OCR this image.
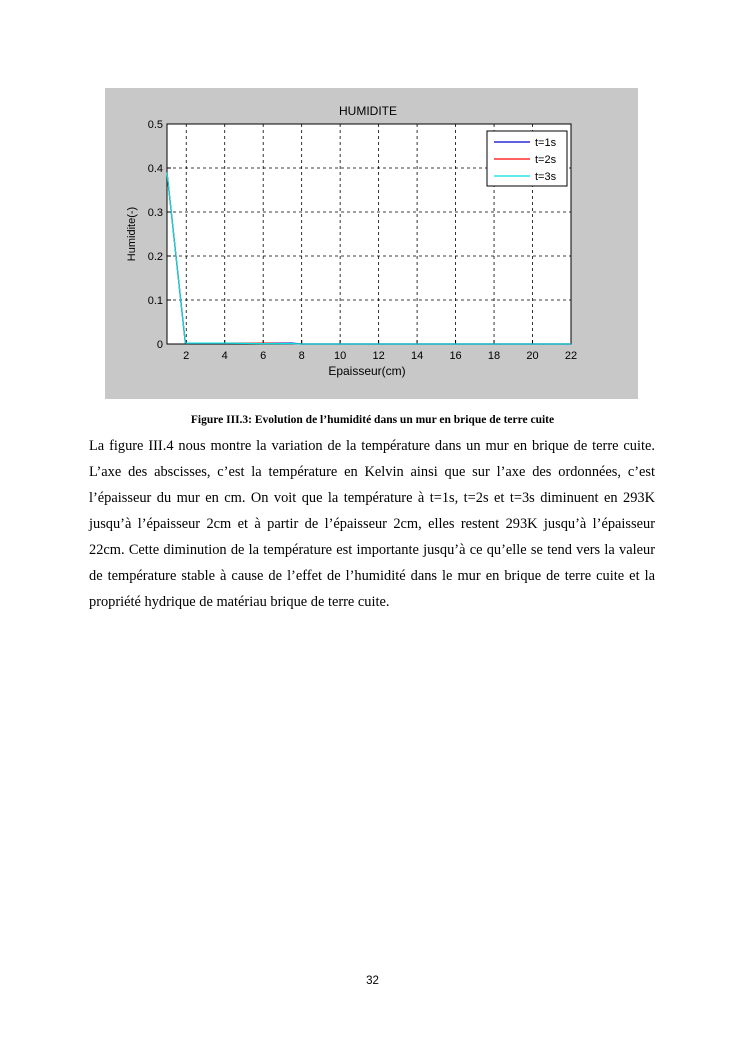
HUMIDITE
2	4	6	8	10 12 14 16 18 20 22
0
0.1
0.2
0.3
0.4
0.5
Epaisseur(cm)
Humidite(-)
t=1s
t=2s
t=3s
Figure III.3: Evolution de l’humidité dans un mur en brique de terre cuite

La figure III.4 nous montre la variation de la température dans un mur en brique de terre cuite. L’axe des abscisses, c’est la température en Kelvin ainsi que sur l’axe des ordonnées, c’est l’épaisseur du mur en cm. On voit que la température à t=1s, t=2s et t=3s diminuent en 293K jusqu’à l’épaisseur 2cm et à partir de l’épaisseur 2cm, elles restent 293K jusqu’à l’épaisseur 22cm. Cette diminution de la température est importante jusqu’à ce qu’elle se tend vers la valeur de température stable à cause de l’effet de l’humidité dans le mur en brique de terre cuite et la propriété hydrique de matériau brique de terre cuite.

32
